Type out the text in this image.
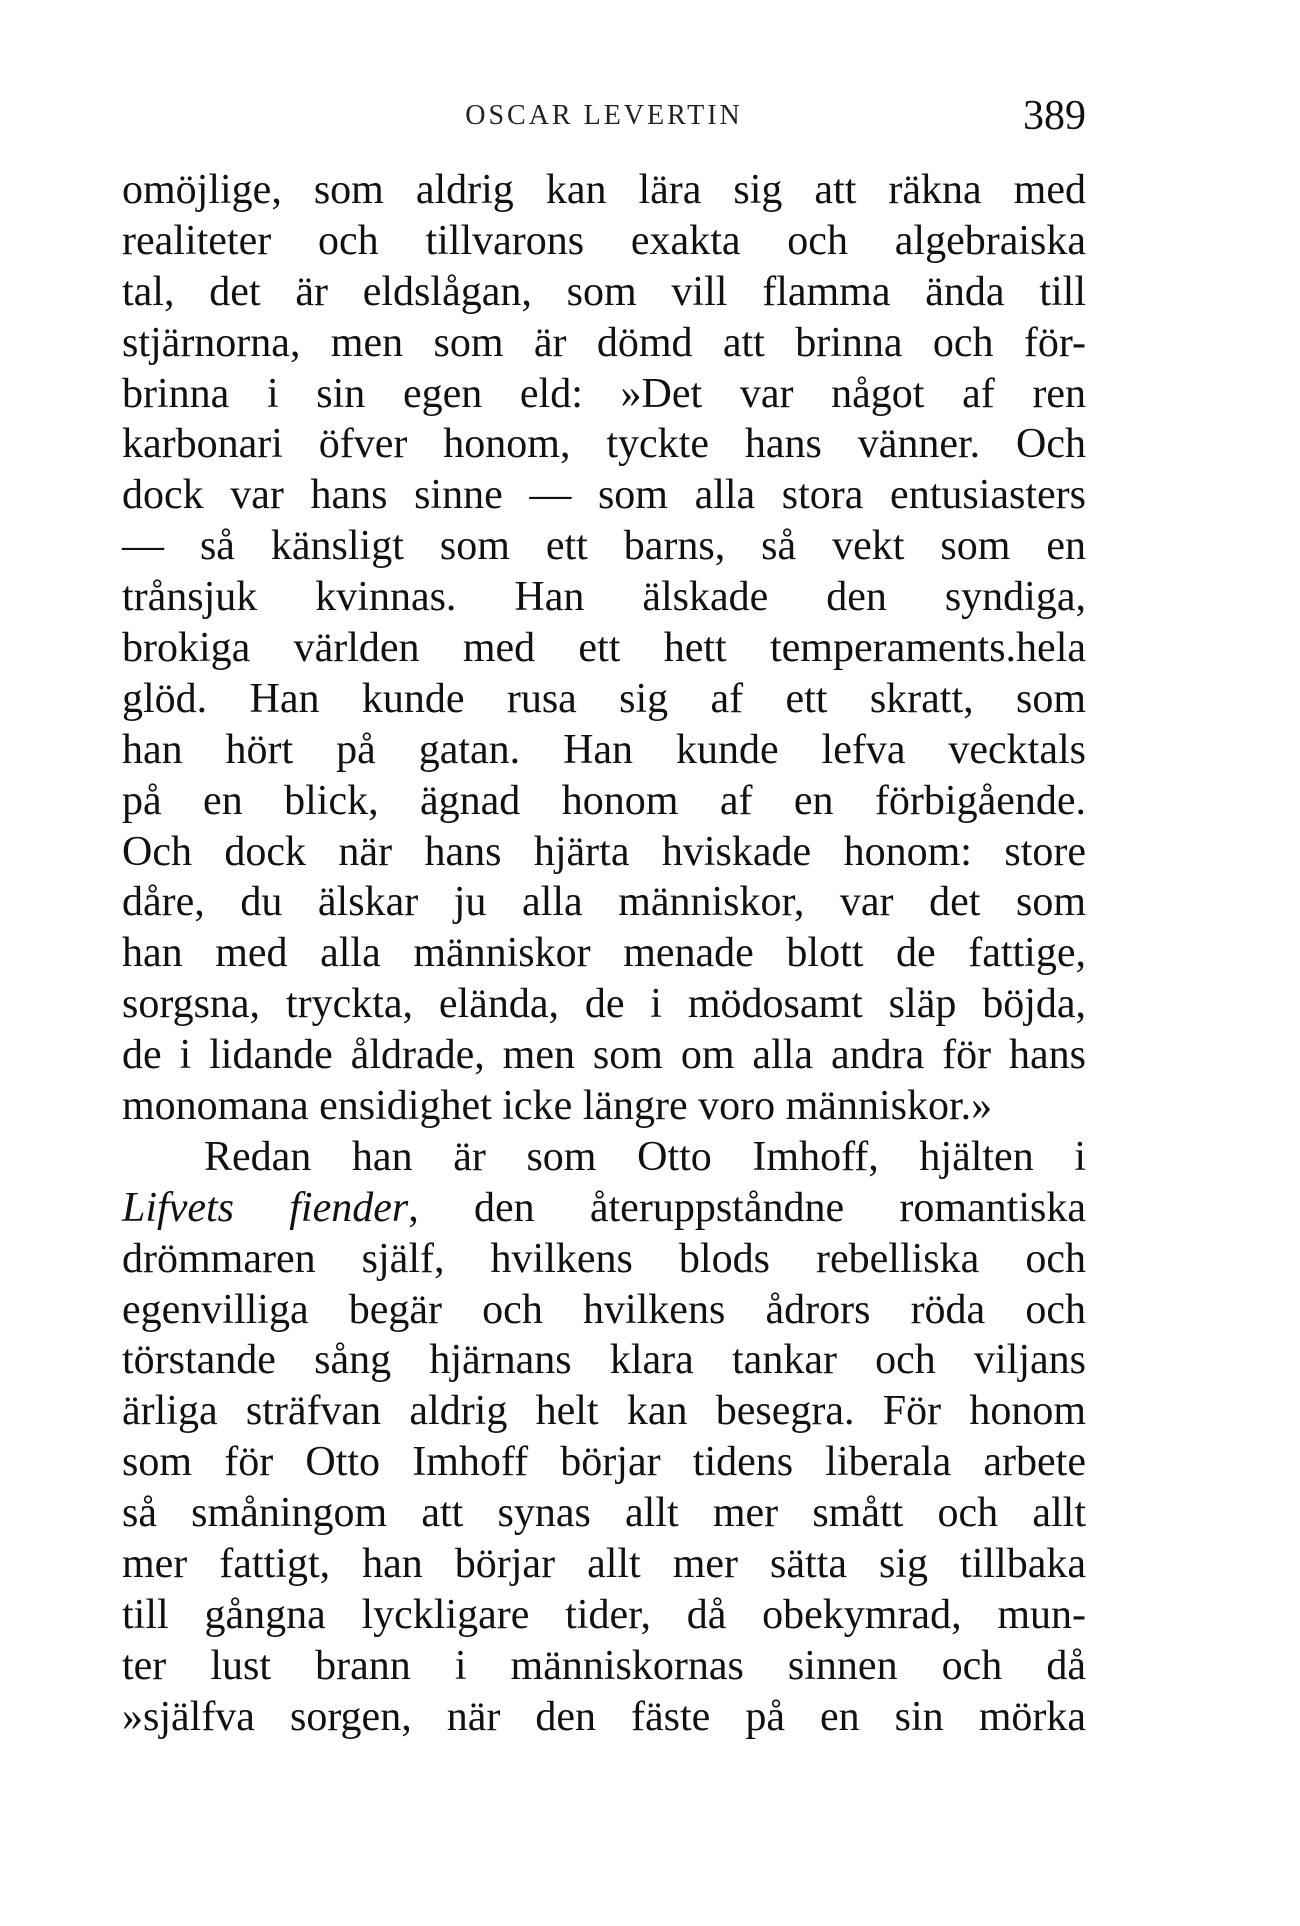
OSCAR LEVERTIN	389
omöjlige, som aldrig kan lära sig att räkna med
realiteter och tillvarons exakta och algebraiska
tal, det är eldslågan, som vill flamma ända till
stjärnorna, men som är dömd att brinna och för-
brinna i sin egen eld: »Det var något af ren
karbonari öfver honom, tyckte hans vänner. Och
dock var hans sinne — som alla stora entusiasters
— så känsligt som ett barns, så vekt som en
trånsjuk kvinnas. Han älskade den syndiga,
brokiga världen med ett hett temperaments.hela
glöd. Han kunde rusa sig af ett skratt, som
han hört på gatan. Han kunde lefva vecktals
på en blick, ägnad honom af en förbigående.
Och dock när hans hjärta hviskade honom: store
dåre, du älskar ju alla människor, var det som
han med alla människor menade blott de fattige,
sorgsna, tryckta, elända, de i mödosamt släp böjda,
de i lidande åldrade, men som om alla andra för hans
monomana ensidighet icke längre voro människor.»
Redan han är som Otto Imhoff, hjälten i
Lifvets fiender, den återuppståndne romantiska
drömmaren själf, hvilkens blods rebelliska och
egenvilliga begär och hvilkens ådrors röda och
törstande sång hjärnans klara tankar och viljans
ärliga sträfvan aldrig helt kan besegra. För honom
som för Otto Imhoff börjar tidens liberala arbete
så småningom att synas allt mer smått och allt
mer fattigt, han börjar allt mer sätta sig tillbaka
till gångna lyckligare tider, då obekymrad, mun-
ter lust brann i människornas sinnen och då
»själfva sorgen, när den fäste på en sin mörka
